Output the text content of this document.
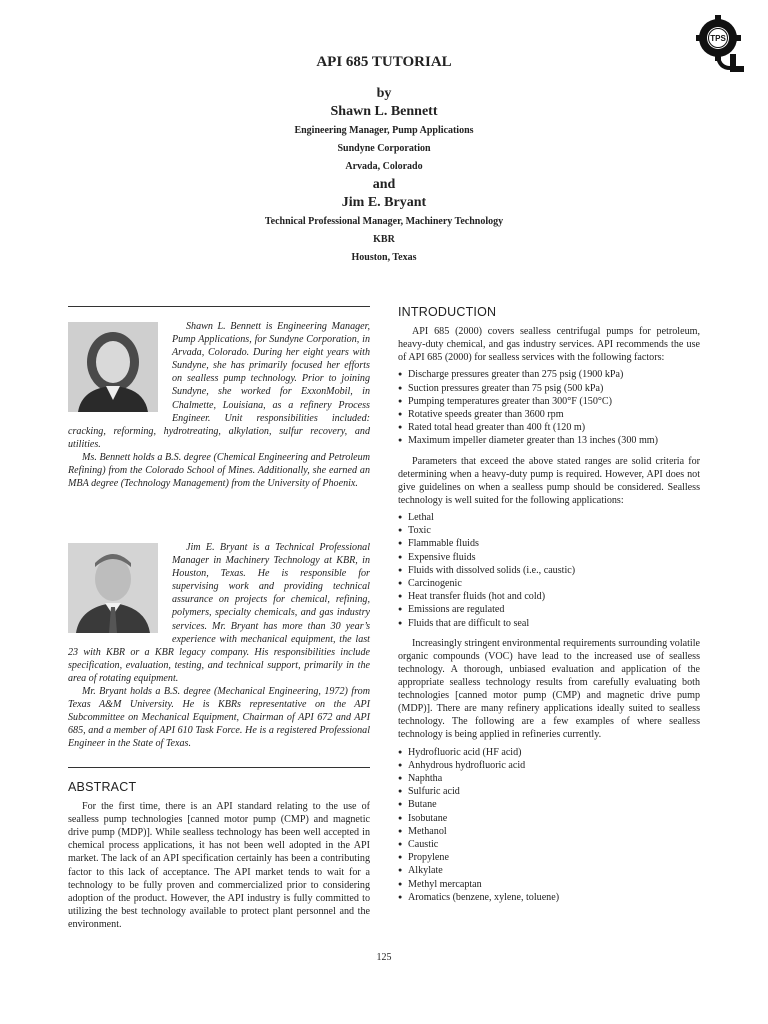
TPS
API 685 TUTORIAL
by
Shawn L. Bennett
Engineering Manager, Pump Applications
Sundyne Corporation
Arvada, Colorado
and
Jim E. Bryant
Technical Professional Manager, Machinery Technology
KBR
Houston, Texas

Shawn L. Bennett is Engineering Manager, Pump Applications, for Sundyne Corporation, in Arvada, Colorado. During her eight years with Sundyne, she has primarily focused her efforts on sealless pump technology. Prior to joining Sundyne, she worked for ExxonMobil, in Chalmette, Louisiana, as a refinery Process Engineer. Unit responsibilities included: cracking, reforming, hydrotreating, alkylation, sulfur recovery, and utilities.

Ms. Bennett holds a B.S. degree (Chemical Engineering and Petroleum Refining) from the Colorado School of Mines. Additionally, she earned an MBA degree (Technology Management) from the University of Phoenix.

Jim E. Bryant is a Technical Professional Manager in Machinery Technology at KBR, in Houston, Texas. He is responsible for supervising work and providing technical assurance on projects for chemical, refining, polymers, specialty chemicals, and gas industry services. Mr. Bryant has more than 30 year’s experience with mechanical equipment, the last 23 with KBR or a KBR legacy company. His responsibilities include specification, evaluation, testing, and technical support, primarily in the area of rotating equipment.

Mr. Bryant holds a B.S. degree (Mechanical Engineering, 1972) from Texas A&M University. He is KBRs representative on the API Subcommittee on Mechanical Equipment, Chairman of API 672 and API 685, and a member of API 610 Task Force. He is a registered Professional Engineer in the State of Texas.

ABSTRACT

For the first time, there is an API standard relating to the use of sealless pump technologies [canned motor pump (CMP) and magnetic drive pump (MDP)]. While sealless technology has been well accepted in chemical process applications, it has not been well adopted in the API market. The lack of an API specification certainly has been a contributing factor to this lack of acceptance. The API market tends to wait for a technology to be fully proven and commercialized prior to considering adoption of the product. However, the API industry is fully committed to utilizing the best technology available to protect plant personnel and the environment.

INTRODUCTION

API 685 (2000) covers sealless centrifugal pumps for petroleum, heavy-duty chemical, and gas industry services. API recommends the use of API 685 (2000) for sealless services with the following factors:

● Discharge pressures greater than 275 psig (1900 kPa)
● Suction pressures greater than 75 psig (500 kPa)
● Pumping temperatures greater than 300°F (150°C)
● Rotative speeds greater than 3600 rpm
● Rated total head greater than 400 ft (120 m)
● Maximum impeller diameter greater than 13 inches (300 mm)

Parameters that exceed the above stated ranges are solid criteria for determining when a heavy-duty pump is required. However, API does not give guidelines on when a sealless pump should be considered. Sealless technology is well suited for the following applications:

● Lethal
● Toxic
● Flammable fluids
● Expensive fluids
● Fluids with dissolved solids (i.e., caustic)
● Carcinogenic
● Heat transfer fluids (hot and cold)
● Emissions are regulated
● Fluids that are difficult to seal

Increasingly stringent environmental requirements surrounding volatile organic compounds (VOC) have lead to the increased use of sealless technology. A thorough, unbiased evaluation and application of the appropriate sealless technology results from carefully evaluating both technologies [canned motor pump (CMP) and magnetic drive pump (MDP)]. There are many refinery applications ideally suited to sealless technology. The following are a few examples of where sealless technology is being applied in refineries currently.

● Hydrofluoric acid (HF acid)
● Anhydrous hydrofluoric acid
● Naphtha
● Sulfuric acid
● Butane
● Isobutane
● Methanol
● Caustic
● Propylene
● Alkylate
● Methyl mercaptan
● Aromatics (benzene, xylene, toluene)
125
